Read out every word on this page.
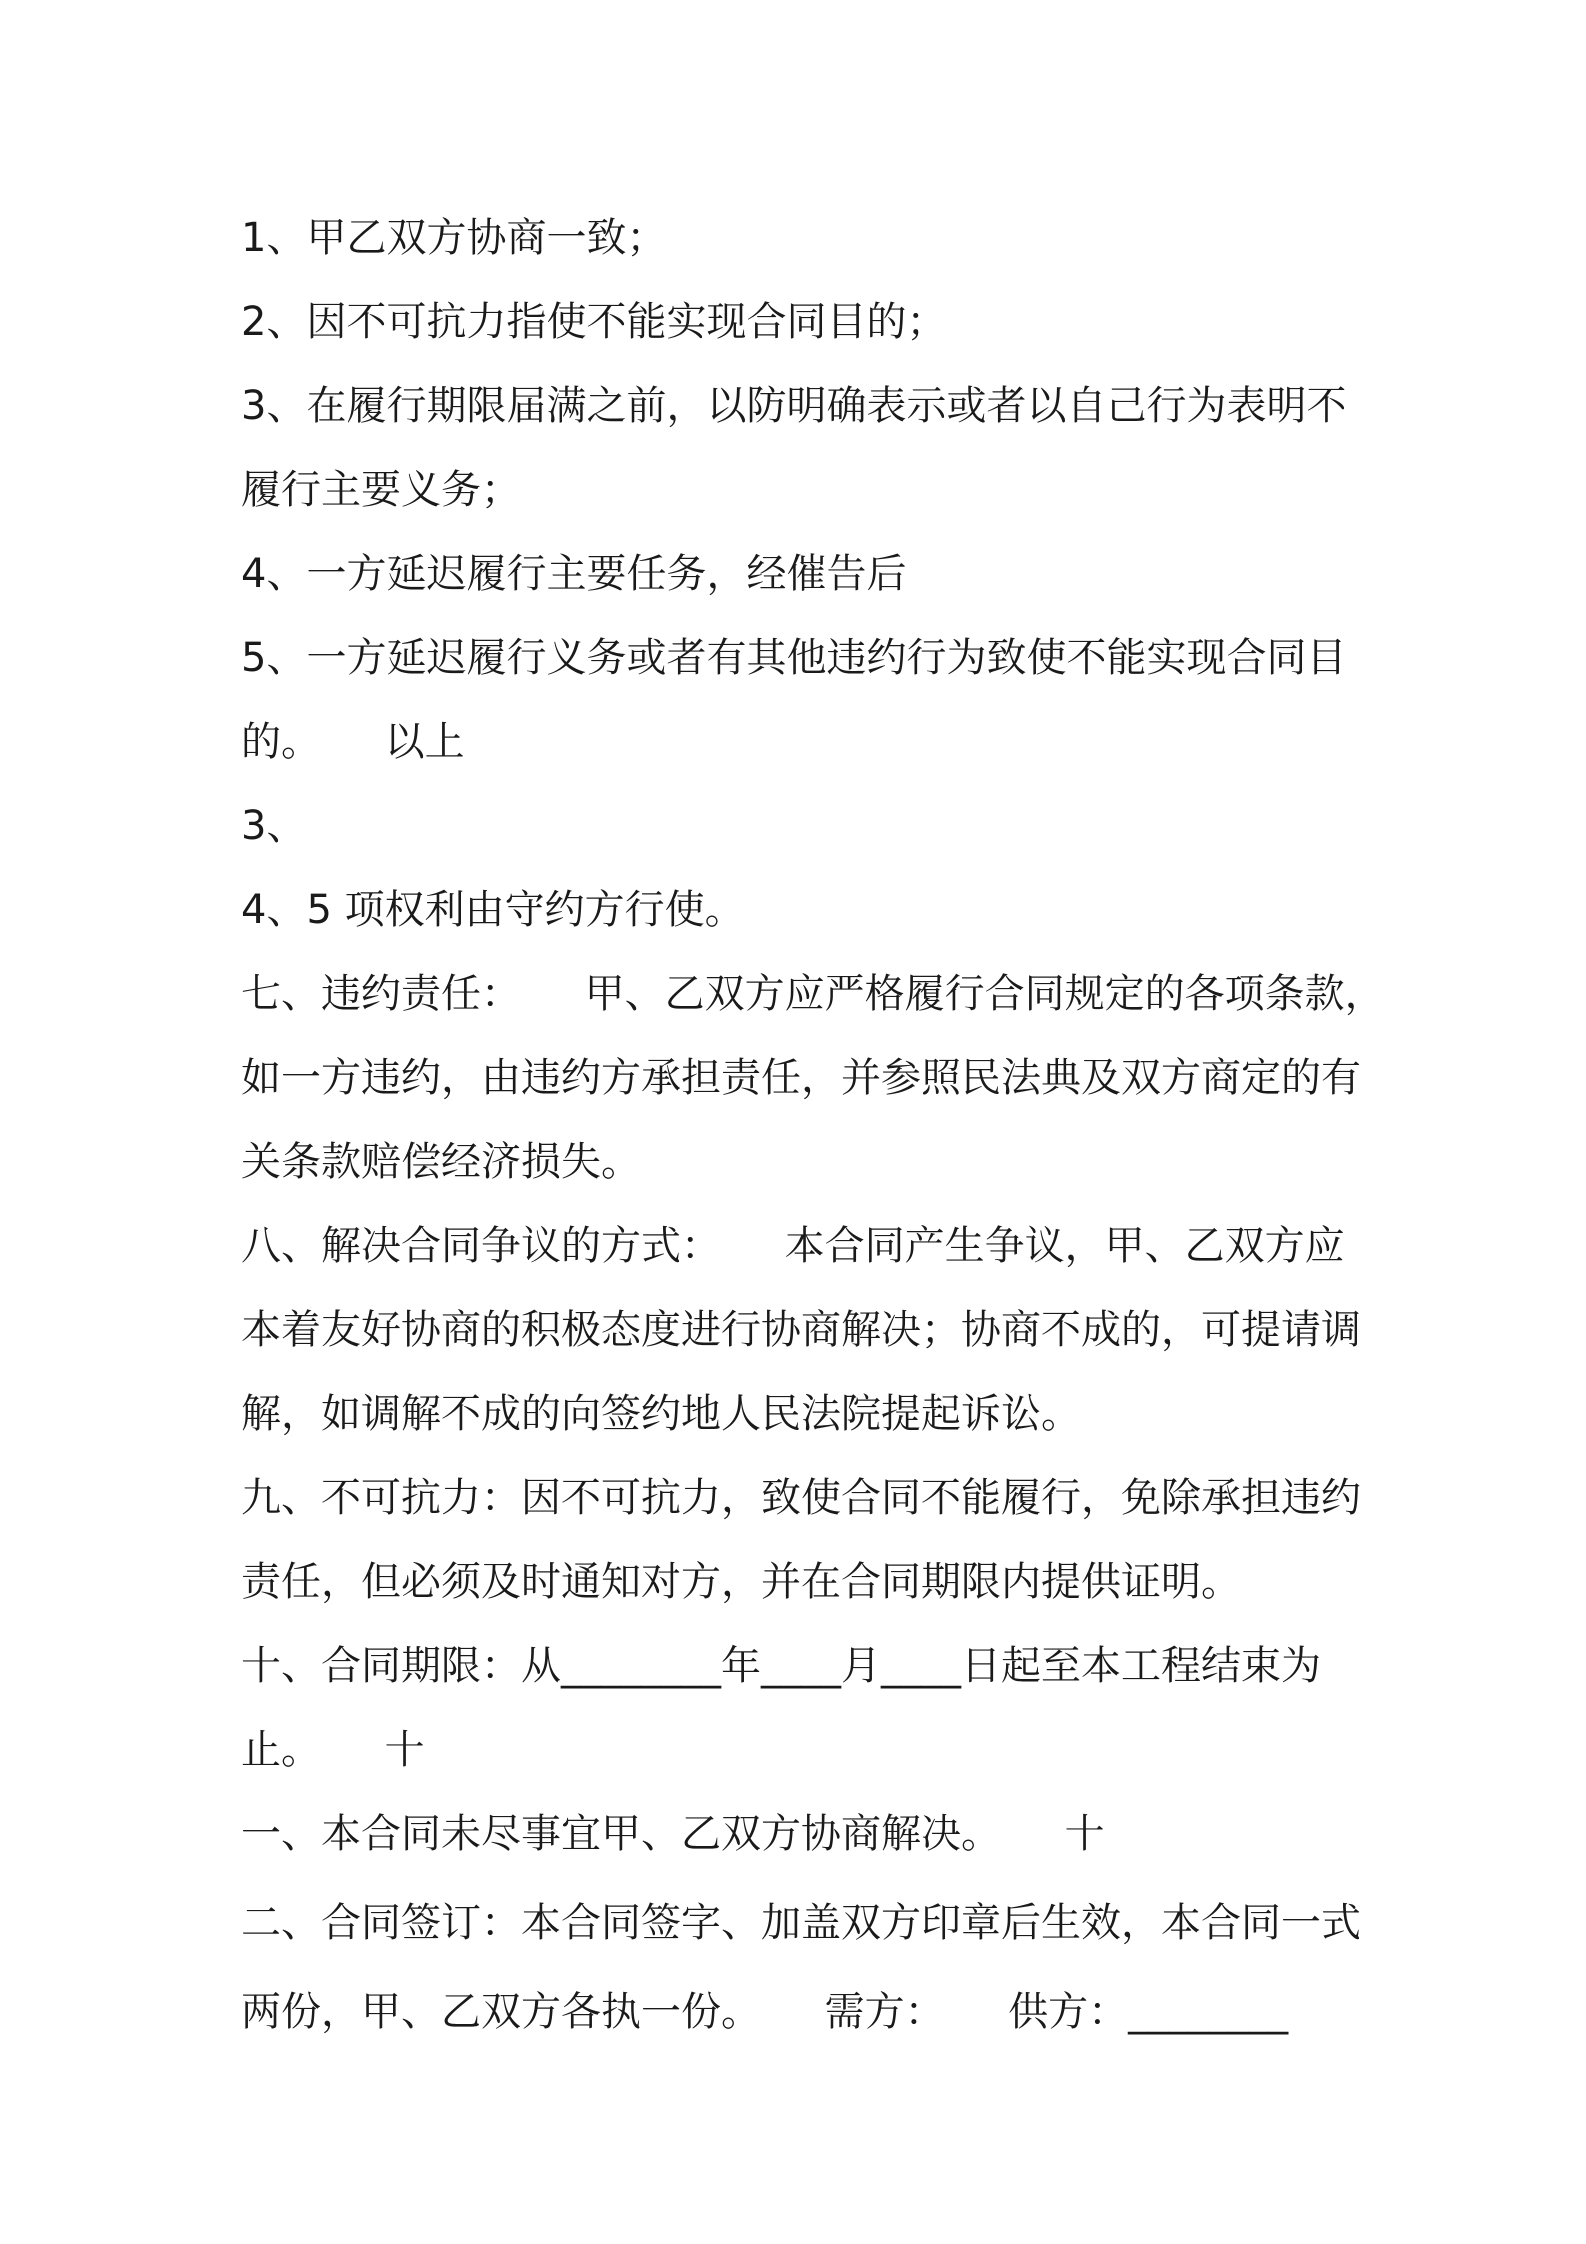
1、甲乙双方协商一致；
2、因不可抗力指使不能实现合同目的；
3、在履行期限届满之前，以防明确表示或者以自己行为表明不
履行主要义务；
4、一方延迟履行主要任务，经催告后
5、一方延迟履行义务或者有其他违约行为致使不能实现合同目
的。     以上
3、
4、5 项权利由守约方行使。
七、违约责任：     甲、乙双方应严格履行合同规定的各项条款，
如一方违约，由违约方承担责任，并参照民法典及双方商定的有
关条款赔偿经济损失。
八、解决合同争议的方式：     本合同产生争议，甲、乙双方应
本着友好协商的积极态度进行协商解决；协商不成的，可提请调
解，如调解不成的向签约地人民法院提起诉讼。
九、不可抗力：因不可抗力，致使合同不能履行，免除承担违约
责任，但必须及时通知对方，并在合同期限内提供证明。
十、合同期限：从________年____月____日起至本工程结束为
止。     十
一、本合同未尽事宜甲、乙双方协商解决。     十
二、合同签订：本合同签字、加盖双方印章后生效，本合同一式
两份，甲、乙双方各执一份。     需方：     供方：________
